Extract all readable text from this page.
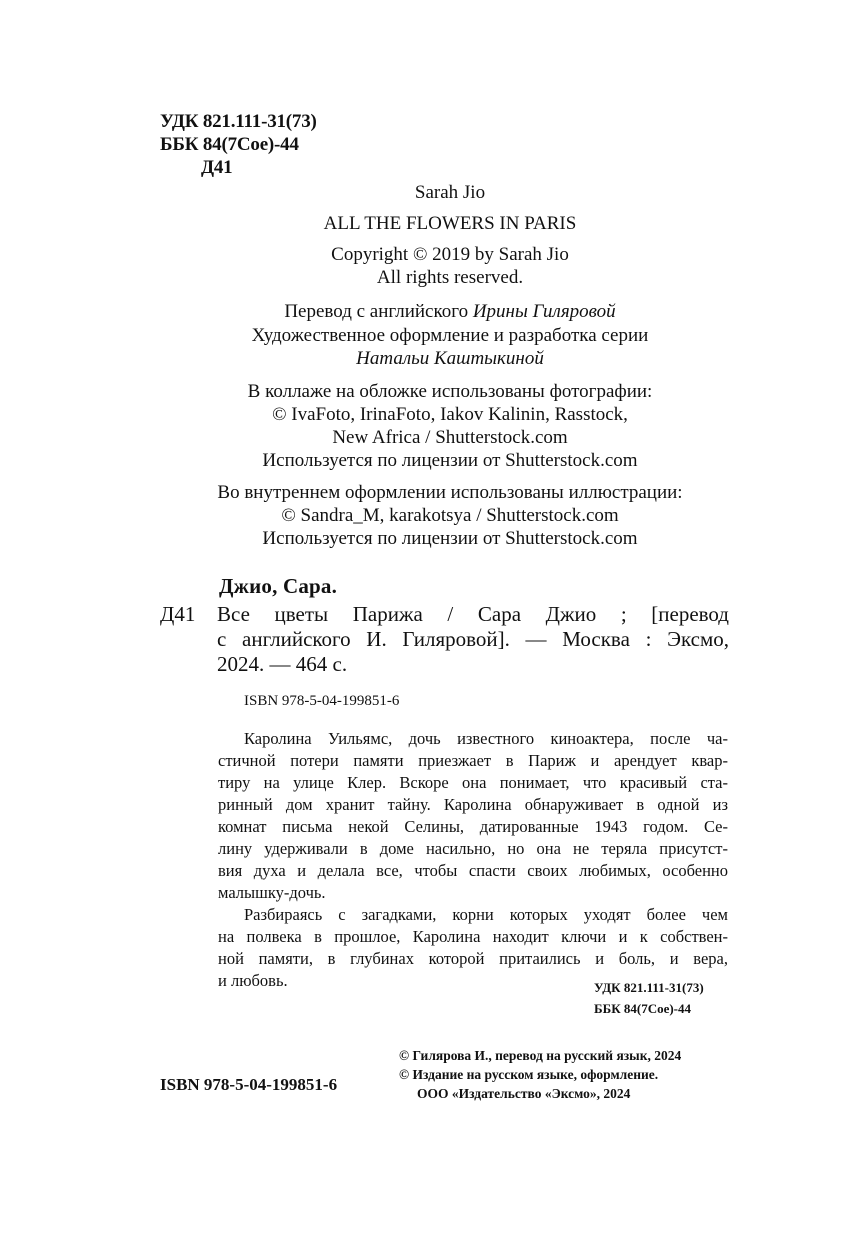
УДК 821.111-31(73)
ББК 84(7Сое)-44
Д41
Sarah Jio
ALL THE FLOWERS IN PARIS
Copyright © 2019 by Sarah Jio
All rights reserved.
Перевод с английского Ирины Гиляровой
Художественное оформление и разработка серии
Натальи Каштыкиной
В коллаже на обложке использованы фотографии:
© IvaFoto, IrinaFoto, Iakov Kalinin, Rasstock,
New Africa / Shutterstock.com
Используется по лицензии от Shutterstock.com
Во внутреннем оформлении использованы иллюстрации:
© Sandra_M, karakotsya / Shutterstock.com
Используется по лицензии от Shutterstock.com
Джио, Сара.
Д41 Все цветы Парижа / Сара Джио ; [перевод
с английского И. Гиляровой]. — Москва : Эксмо,
2024. — 464 с.
ISBN 978-5-04-199851-6
Каролина Уильямс, дочь известного киноактера, после ча-
стичной потери памяти приезжает в Париж и арендует квар-
тиру на улице Клер. Вскоре она понимает, что красивый ста-
ринный дом хранит тайну. Каролина обнаруживает в одной из
комнат письма некой Селины, датированные 1943 годом. Се-
лину удерживали в доме насильно, но она не теряла присутст-
вия духа и делала все, чтобы спасти своих любимых, особенно
малышку-дочь.
Разбираясь с загадками, корни которых уходят более чем
на полвека в прошлое, Каролина находит ключи и к собствен-
ной памяти, в глубинах которой притаились и боль, и вера,
и любовь.	УДК 821.111-31(73)
ББК 84(7Сое)-44
© Гилярова И., перевод на русский язык, 2024
© Издание на русском языке, оформление.
ООО «Издательство «Эксмо», 2024
ISBN 978-5-04-199851-6
